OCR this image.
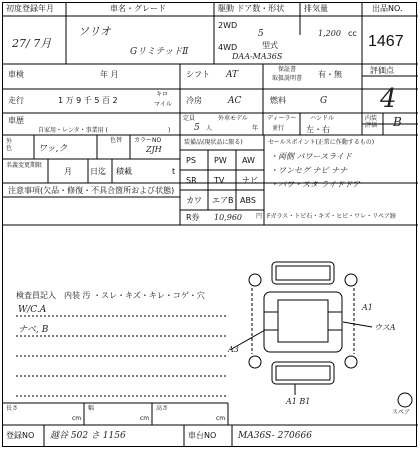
初度登録年月
27/ 7月
車名・グレード
ソリオ
GリミテッドⅡ
駆動 ドア数・形状
2WD
4WD
5
型式
DAA-MA36S
排気量
1,200 cc
出品NO.
1467
車検	年 月	シフト AT
保証書
取扱説明書 有・無	評価点
4
走行	1 万 9 千 5 百 2
キロ
マイル 冷房	AC	燃料	G
車歴
自家用・レンタ・事業用 (	)
定員
5 人
外車モデル
年
ディーラー
並行
ハンドル
左・右
内装評価	B
外色	ワッ,ク
色替 カラーNO
ZJH
装備品(現状品に限る)
PS PW AW
SR TV ナビ
カワ エアB ABS
セールスポイント(正常に作動するもの)
・両側 パワースライド
・ワンセグ ナビ ナナ
・パワ・スタ ライドドア
名義変更期限
月 日迄 積載	t
R券 10,960 円 Fガラス・トビ石・キズ・ヒビ・ワレ・リペア跡
注意事項(欠品・修復・不具合箇所および状態)
検査員記入 内装 汚 ・スレ・キズ・キレ・コゲ・穴
W/C.A
ナベ, B
A3
A1
ウスA
A1 B1
スペア
長さ
cm
幅
cm
高さ
cm
登録NO 越谷 502 さ 1156	車台NO MA36S- 270666
